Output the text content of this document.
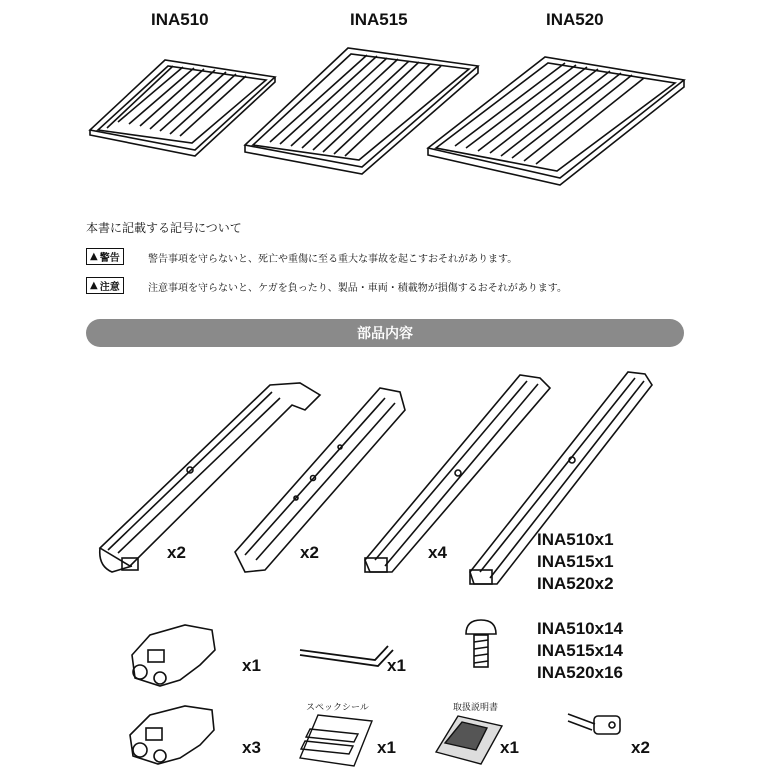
INA510	INA515	INA520
本書に記載する記号について
▲ 警告	警告事項を守らないと、死亡や重傷に至る重大な事故を起こすおそれがあります。
▲ 注意	注意事項を守らないと、ケガを負ったり、製品・車両・積載物が損傷するおそれがあります。
部品内容
x2	x2	x4
INA510x1
INA515x1
INA520x2
x1	x1
INA510x14
INA515x14
INA520x16
x3
スペックシール
x1
取扱説明書
x1	x2
